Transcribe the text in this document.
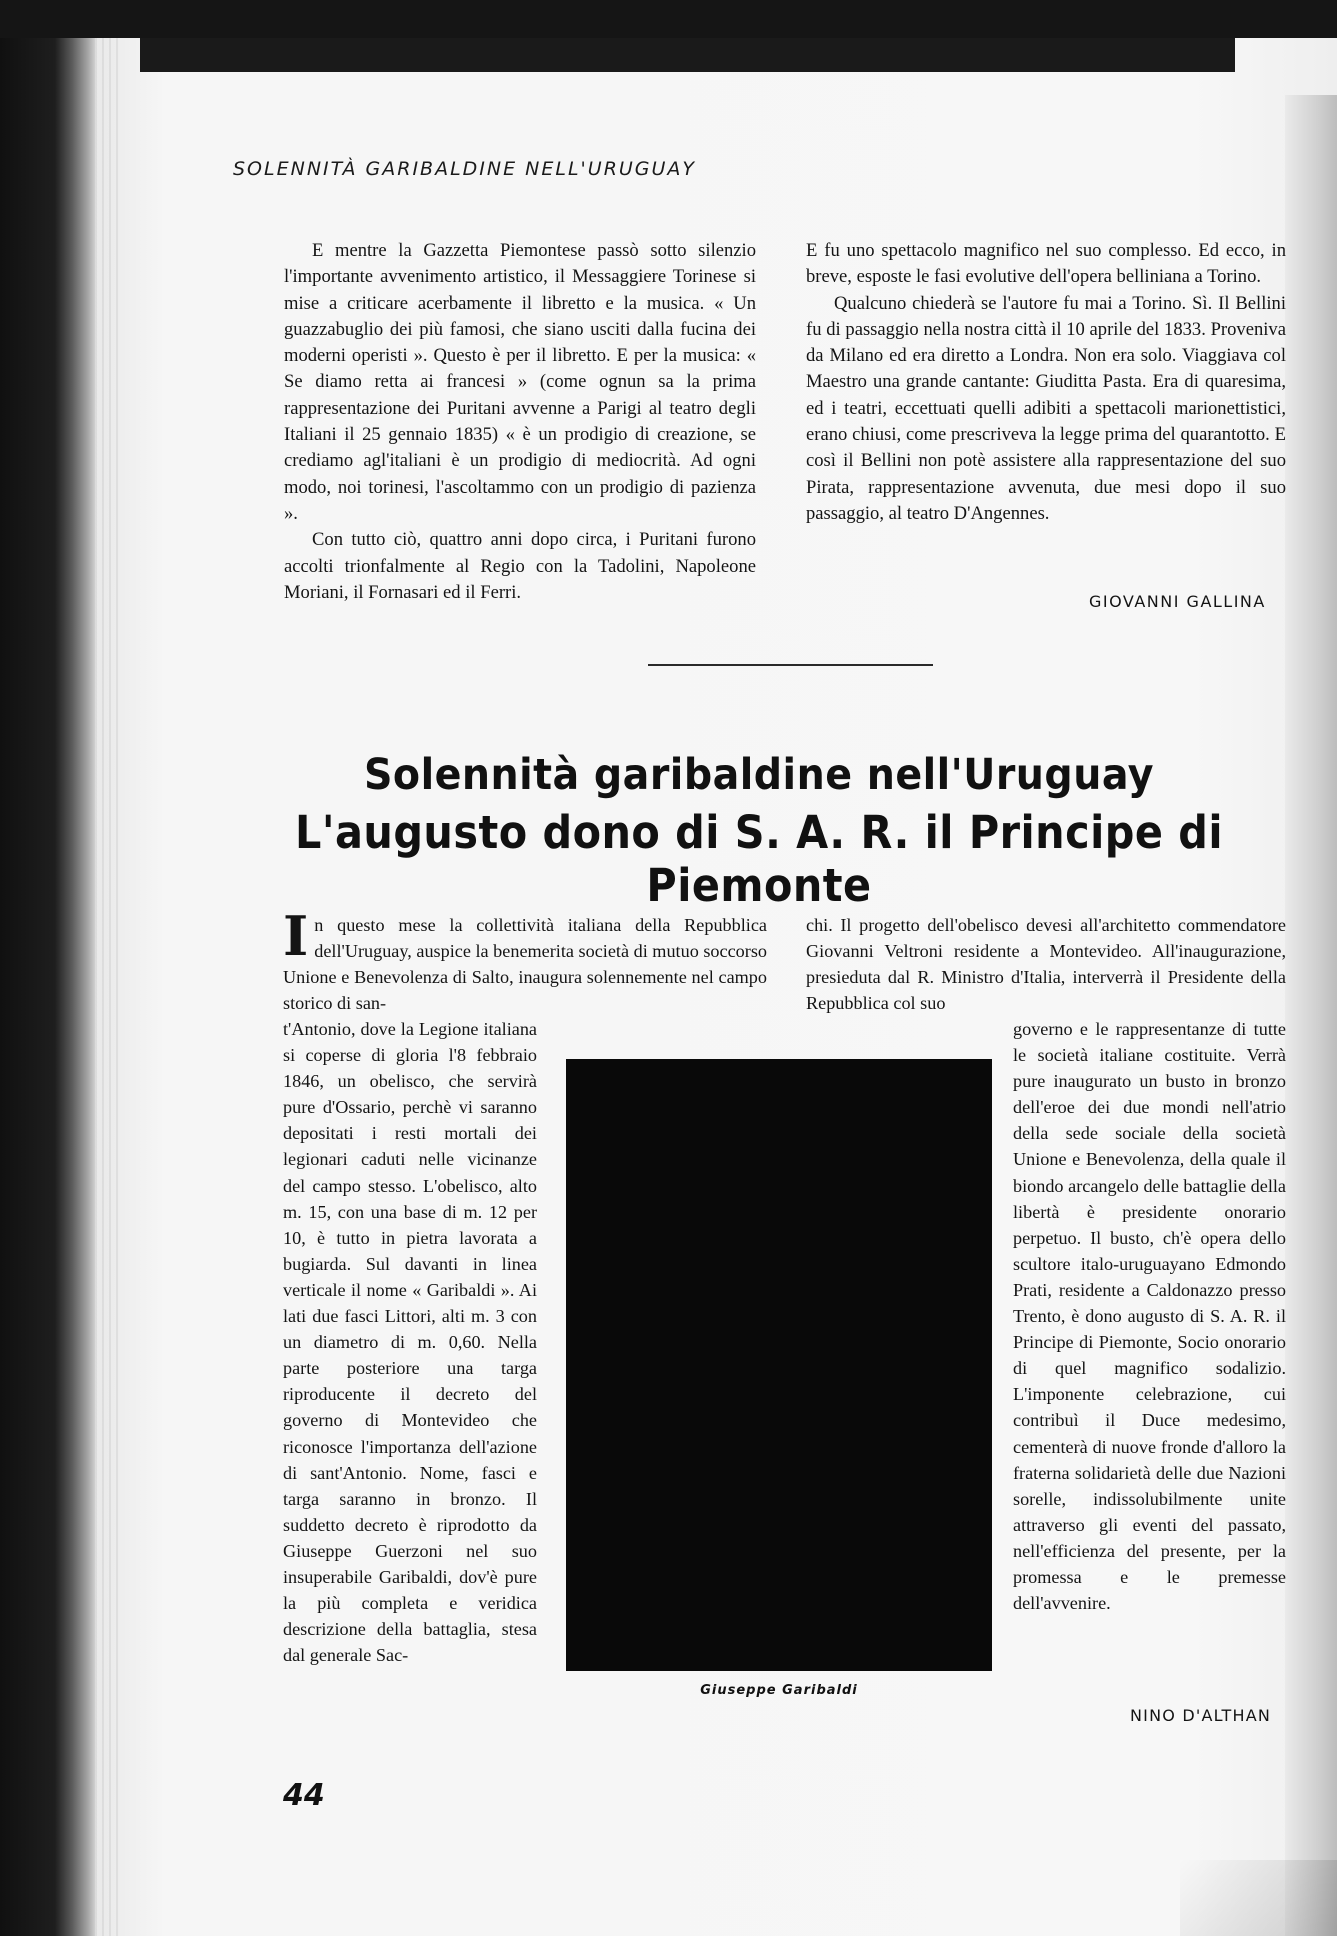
SOLENNITÀ GARIBALDINE NELL'URUGUAY

E mentre la Gazzetta Piemontese passò sotto silenzio l'importante avvenimento artistico, il Messaggiere Torinese si mise a criticare acerbamente il libretto e la musica. « Un guazzabuglio dei più famosi, che siano usciti dalla fucina dei moderni operisti ». Questo è per il libretto. E per la musica: « Se diamo retta ai francesi » (come ognun sa la prima rappresentazione dei Puritani avvenne a Parigi al teatro degli Italiani il 25 gennaio 1835) « è un prodigio di creazione, se crediamo agl'italiani è un prodigio di mediocrità. Ad ogni modo, noi torinesi, l'ascoltammo con un prodigio di pazienza ».

Con tutto ciò, quattro anni dopo circa, i Puritani furono accolti trionfalmente al Regio con la Tadolini, Napoleone Moriani, il Fornasari ed il Ferri.

E fu uno spettacolo magnifico nel suo complesso. Ed ecco, in breve, esposte le fasi evolutive dell'opera belliniana a Torino.

Qualcuno chiederà se l'autore fu mai a Torino. Sì. Il Bellini fu di passaggio nella nostra città il 10 aprile del 1833. Proveniva da Milano ed era diretto a Londra. Non era solo. Viaggiava col Maestro una grande cantante: Giuditta Pasta. Era di quaresima, ed i teatri, eccettuati quelli adibiti a spettacoli marionettistici, erano chiusi, come prescriveva la legge prima del quarantotto. E così il Bellini non potè assistere alla rappresentazione del suo Pirata, rappresentazione avvenuta, due mesi dopo il suo passaggio, al teatro D'Angennes.

GIOVANNI GALLINA
Solennità garibaldine nell'Uruguay
L'augusto dono di S. A. R. il Principe di Piemonte

In questo mese la collettività italiana della Repubblica dell'Uruguay, auspice la benemerita società di mutuo soccorso Unione e Benevolenza di Salto, inaugura solennemente nel campo storico di san-

t'Antonio, dove la Legione italiana si coperse di gloria l'8 febbraio 1846, un obelisco, che servirà pure d'Ossario, perchè vi saranno depositati i resti mortali dei legionari caduti nelle vicinanze del campo stesso. L'obelisco, alto m. 15, con una base di m. 12 per 10, è tutto in pietra lavorata a bugiarda. Sul davanti in linea verticale il nome « Garibaldi ». Ai lati due fasci Littori, alti m. 3 con un diametro di m. 0,60. Nella parte posteriore una targa riproducente il decreto del governo di Montevideo che riconosce l'importanza dell'azione di sant'Antonio. Nome, fasci e targa saranno in bronzo. Il suddetto decreto è riprodotto da Giuseppe Guerzoni nel suo insuperabile Garibaldi, dov'è pure la più completa e veridica descrizione della battaglia, stesa dal generale Sac-

chi. Il progetto dell'obelisco devesi all'architetto commendatore Giovanni Veltroni residente a Montevideo. All'inaugurazione, presieduta dal R. Ministro d'Italia, interverrà il Presidente della Repubblica col suo

governo e le rappresentanze di tutte le società italiane costituite. Verrà pure inaugurato un busto in bronzo dell'eroe dei due mondi nell'atrio della sede sociale della società Unione e Benevolenza, della quale il biondo arcangelo delle battaglie della libertà è presidente onorario perpetuo. Il busto, ch'è opera dello scultore italo-uruguayano Edmondo Prati, residente a Caldonazzo presso Trento, è dono augusto di S. A. R. il Principe di Piemonte, Socio onorario di quel magnifico sodalizio. L'imponente celebrazione, cui contribuì il Duce medesimo, cementerà di nuove fronde d'alloro la fraterna solidarietà delle due Nazioni sorelle, indissolubilmente unite attraverso gli eventi del passato, nell'efficienza del presente, per la promessa e le premesse dell'avvenire.

Giuseppe Garibaldi
NINO D'ALTHAN
44
